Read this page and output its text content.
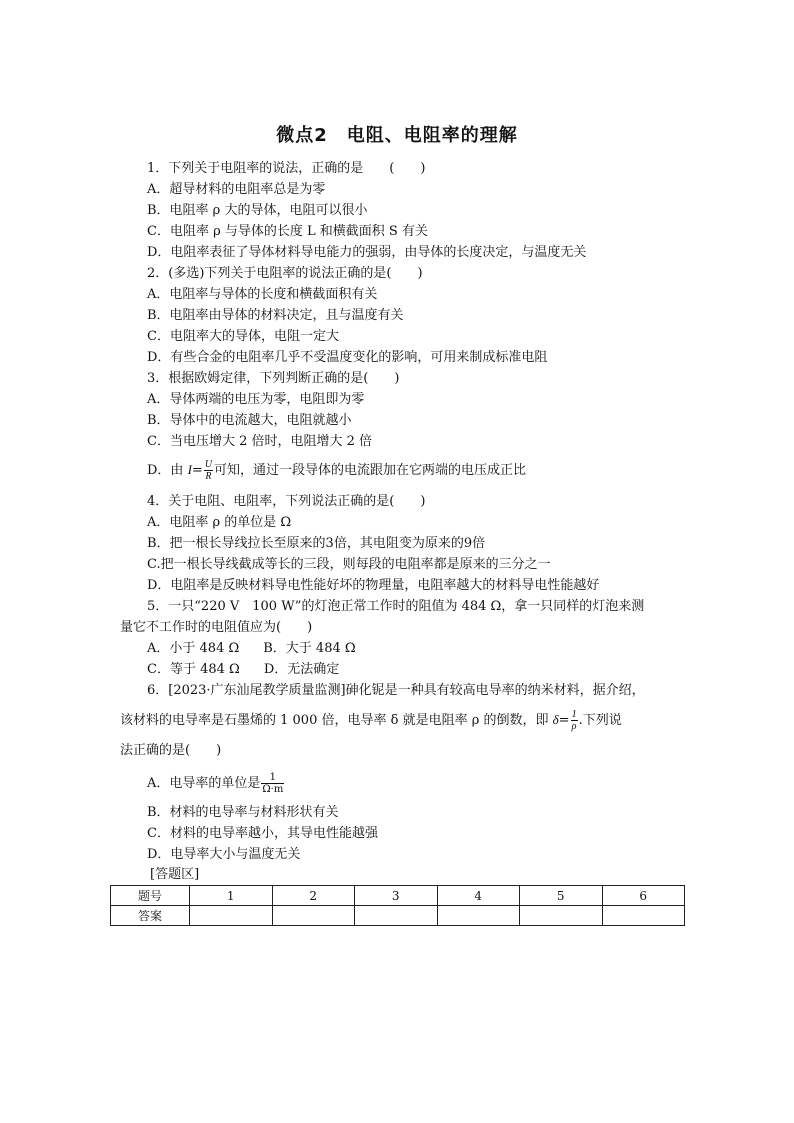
微点2　电阻、电阻率的理解
1．下列关于电阻率的说法，正确的是　　(　　)
A．超导材料的电阻率总是为零
B．电阻率 ρ 大的导体，电阻可以很小
C．电阻率 ρ 与导体的长度 L 和横截面积 S 有关
D．电阻率表征了导体材料导电能力的强弱，由导体的长度决定，与温度无关
2．(多选)下列关于电阻率的说法正确的是(　　)
A．电阻率与导体的长度和横截面积有关
B．电阻率由导体的材料决定，且与温度有关
C．电阻率大的导体，电阻一定大
D．有些合金的电阻率几乎不受温度变化的影响，可用来制成标准电阻
3．根据欧姆定律，下列判断正确的是(　　)
A．导体两端的电压为零，电阻即为零
B．导体中的电流越大，电阻就越小
C．当电压增大 2 倍时，电阻增大 2 倍
D．由 $I= \frac{U}{R}$ 可知，通过一段导体的电流跟加在它两端的电压成正比
4．关于电阻、电阻率，下列说法正确的是(　　)
A．电阻率 ρ 的单位是 Ω
B．把一根长导线拉长至原来的3倍，其电阻变为原来的9倍
C.把一根长导线截成等长的三段，则每段的电阻率都是原来的三分之一
D．电阻率是反映材料导电性能好坏的物理量，电阻率越大的材料导电性能越好
5．一只“220 V　100 W”的灯泡正常工作时的阻值为 484 Ω，拿一只同样的灯泡来测
量它不工作时的电阻值应为(　　)
A．小于 484 Ω B．大于 484 Ω
C．等于 484 Ω D．无法确定
6．[2023·广东汕尾教学质量监测]砷化铌是一种具有较高电导率的纳米材料，据介绍，
该材料的电导率是石墨烯的 1 000 倍，电导率 δ 就是电阻率 ρ 的倒数，即 $\delta= \frac{1}{\rho}$ .下列说
法正确的是(　　)
A．电导率的单位是 $\frac{1}{\Omega\cdot m}$
B．材料的电导率与材料形状有关
C．材料的电导率越小，其导电性能越强
D．电导率大小与温度无关
[答题区]
题号	1	2	3	4	5	6
答案						
